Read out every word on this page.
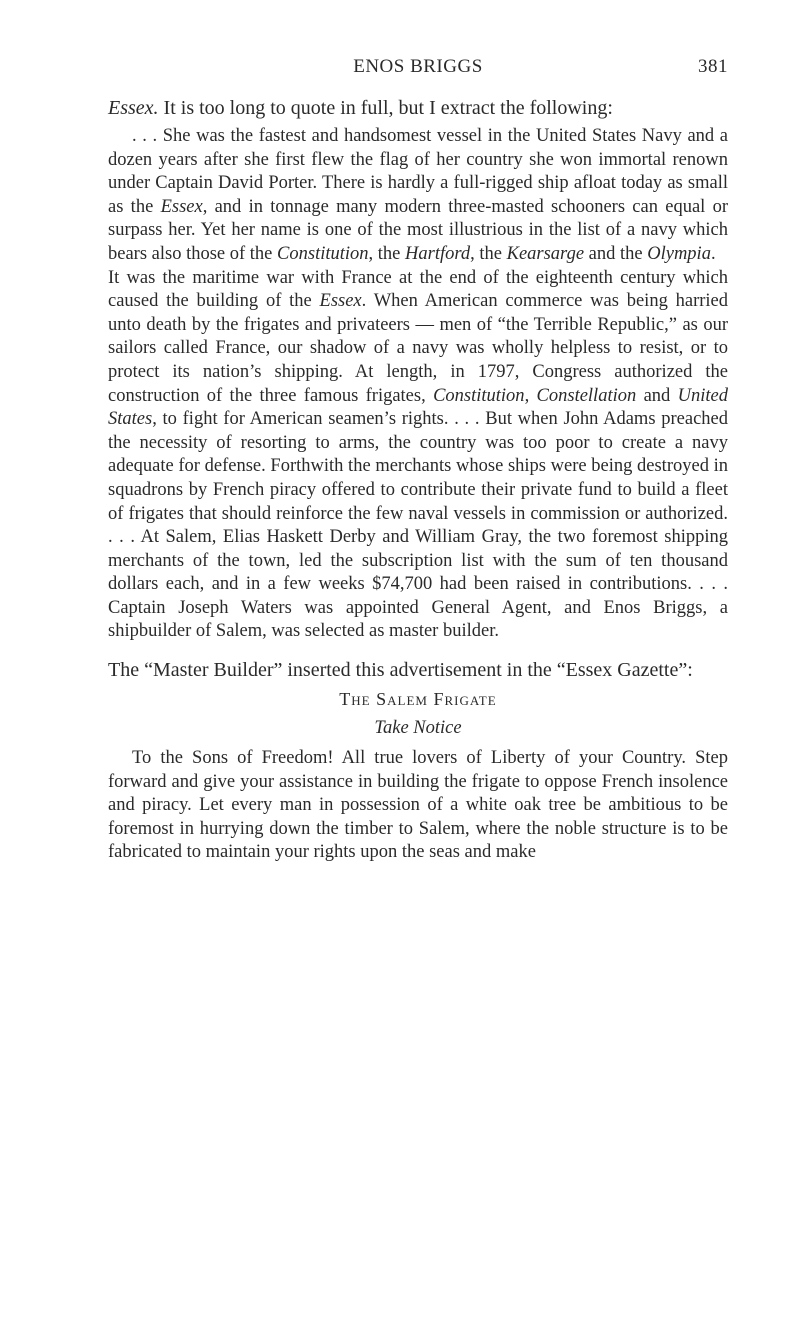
ENOS BRIGGS	381

Essex. It is too long to quote in full, but I extract the following:

. . . She was the fastest and handsomest vessel in the United States Navy and a dozen years after she first flew the flag of her country she won immortal renown under Captain David Porter. There is hardly a full-rigged ship afloat today as small as the Essex, and in tonnage many modern three-masted schooners can equal or surpass her. Yet her name is one of the most illustrious in the list of a navy which bears also those of the Constitution, the Hartford, the Kearsarge and the Olympia.

It was the maritime war with France at the end of the eighteenth century which caused the building of the Essex. When American commerce was being harried unto death by the frigates and privateers — men of “the Terrible Republic,” as our sailors called France, our shadow of a navy was wholly helpless to resist, or to protect its nation’s shipping. At length, in 1797, Congress authorized the construction of the three famous frigates, Constitution, Constellation and United States, to fight for American seamen’s rights. . . . But when John Adams preached the necessity of resorting to arms, the country was too poor to create a navy adequate for defense. Forthwith the merchants whose ships were being destroyed in squadrons by French piracy offered to contribute their private fund to build a fleet of frigates that should reinforce the few naval vessels in commission or authorized. . . . At Salem, Elias Haskett Derby and William Gray, the two foremost shipping merchants of the town, led the subscription list with the sum of ten thousand dollars each, and in a few weeks $74,700 had been raised in contributions. . . . Captain Joseph Waters was appointed General Agent, and Enos Briggs, a shipbuilder of Salem, was selected as master builder.

The “Master Builder” inserted this advertisement in the “Essex Gazette”:

The Salem Frigate
Take Notice

To the Sons of Freedom! All true lovers of Liberty of your Country. Step forward and give your assistance in building the frigate to oppose French insolence and piracy. Let every man in possession of a white oak tree be ambitious to be foremost in hurrying down the timber to Salem, where the noble structure is to be fabricated to maintain your rights upon the seas and make
